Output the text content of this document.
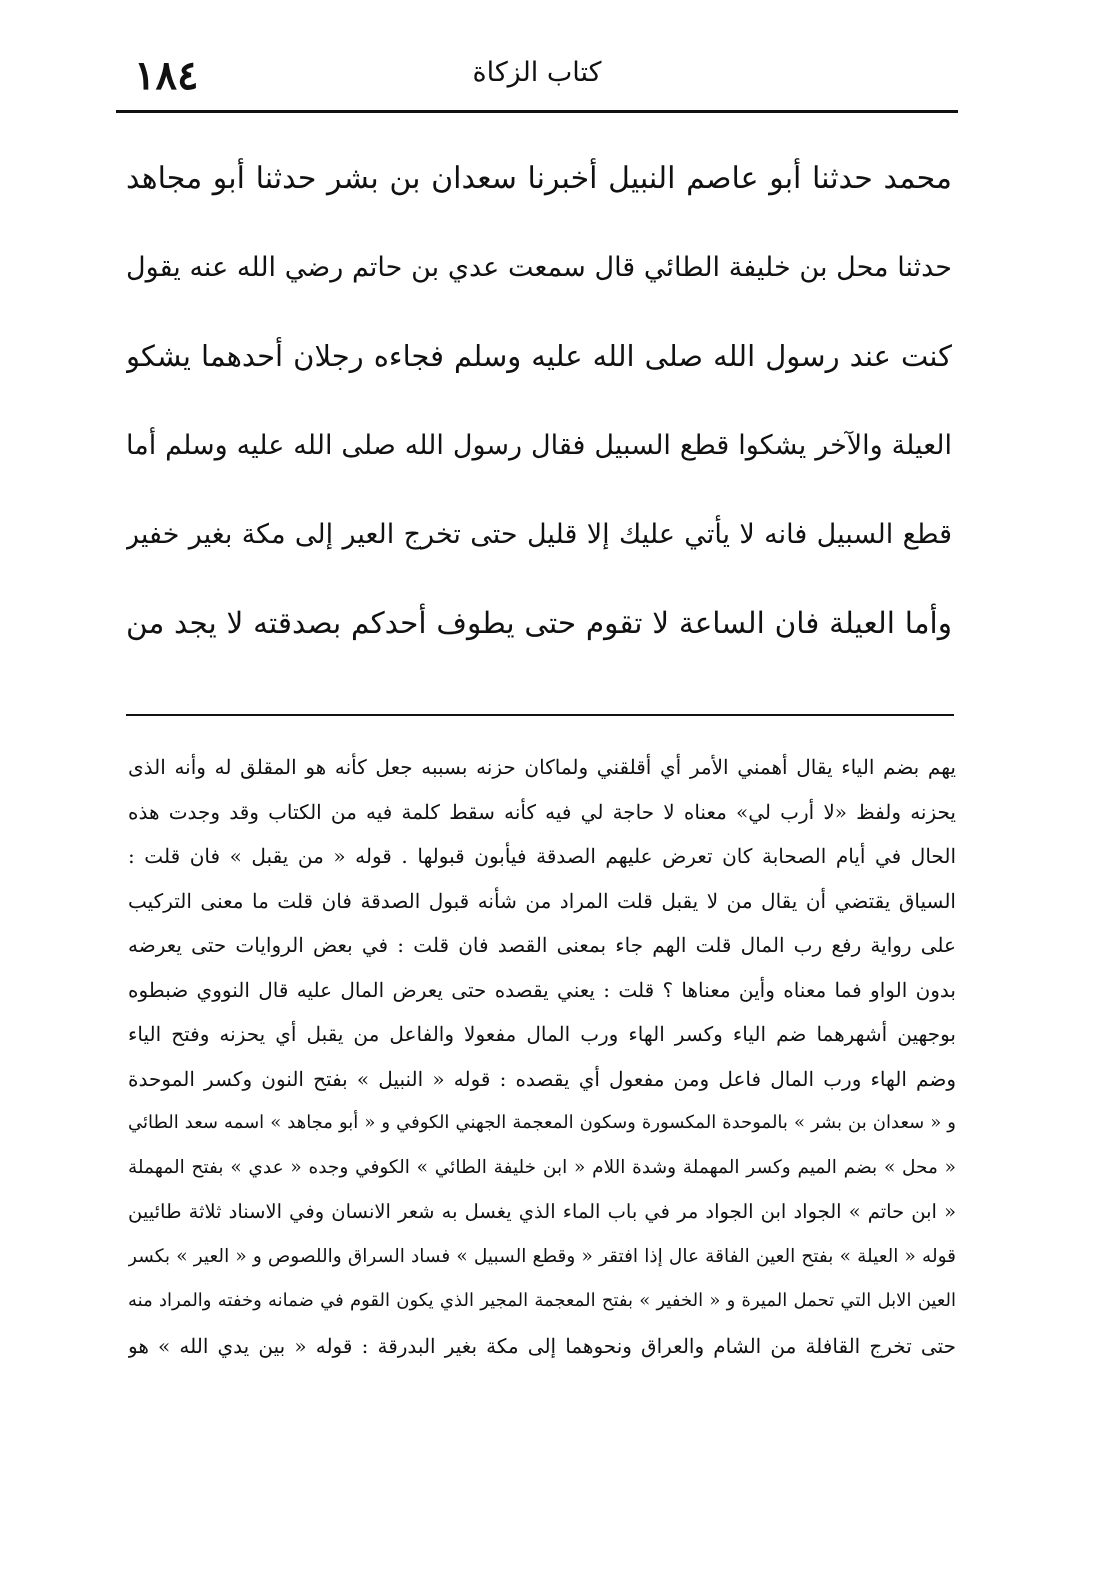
١٨٤	كتاب الزكاة
محمد حدثنا أبو عاصم النبيل أخبرنا سعدان بن بشر حدثنا أبو مجاهد
حدثنا محل بن خليفة الطائي قال سمعت عدي بن حاتم رضي الله عنه يقول
كنت عند رسول الله صلى الله عليه وسلم فجاءه رجلان أحدهما يشكو
العيلة والآخر يشكوا قطع السبيل فقال رسول الله صلى الله عليه وسلم أما
قطع السبيل فانه لا يأتي عليك إلا قليل حتى تخرج العير إلى مكة بغير خفير
وأما العيلة فان الساعة لا تقوم حتى يطوف أحدكم بصدقته لا يجد من
يهم بضم الياء يقال أهمني الأمر أي أقلقني ولماكان حزنه بسببه جعل كأنه هو المقلق له وأنه الذى
يحزنه ولفظ «لا أرب لي» معناه لا حاجة لي فيه كأنه سقط كلمة فيه من الكتاب وقد وجدت هذه
الحال في أيام الصحابة كان تعرض عليهم الصدقة فيأبون قبولها . قوله « من يقبل » فان قلت :
السياق يقتضي أن يقال من لا يقبل قلت المراد من شأنه قبول الصدقة فان قلت ما معنى التركيب
على رواية رفع رب المال قلت الهم جاء بمعنى القصد فان قلت : في بعض الروايات حتى يعرضه
بدون الواو فما معناه وأين معناها ؟ قلت : يعني يقصده حتى يعرض المال عليه قال النووي ضبطوه
بوجهين أشهرهما ضم الياء وكسر الهاء ورب المال مفعولا والفاعل من يقبل أي يحزنه وفتح الياء
وضم الهاء ورب المال فاعل ومن مفعول أي يقصده : قوله « النبيل » بفتح النون وكسر الموحدة
و « سعدان بن بشر » بالموحدة المكسورة وسكون المعجمة الجهني الكوفي و « أبو مجاهد » اسمه سعد الطائي
« محل » بضم الميم وكسر المهملة وشدة اللام « ابن خليفة الطائي » الكوفي وجده « عدي » بفتح المهملة
« ابن حاتم » الجواد ابن الجواد مر في باب الماء الذي يغسل به شعر الانسان وفي الاسناد ثلاثة طائيين
قوله « العيلة » بفتح العين الفاقة عال إذا افتقر « وقطع السبيل » فساد السراق واللصوص و « العير » بكسر
العين الابل التي تحمل الميرة و « الخفير » بفتح المعجمة المجير الذي يكون القوم في ضمانه وخفته والمراد منه
حتى تخرج القافلة من الشام والعراق ونحوهما إلى مكة بغير البدرقة : قوله « بين يدي الله » هو
